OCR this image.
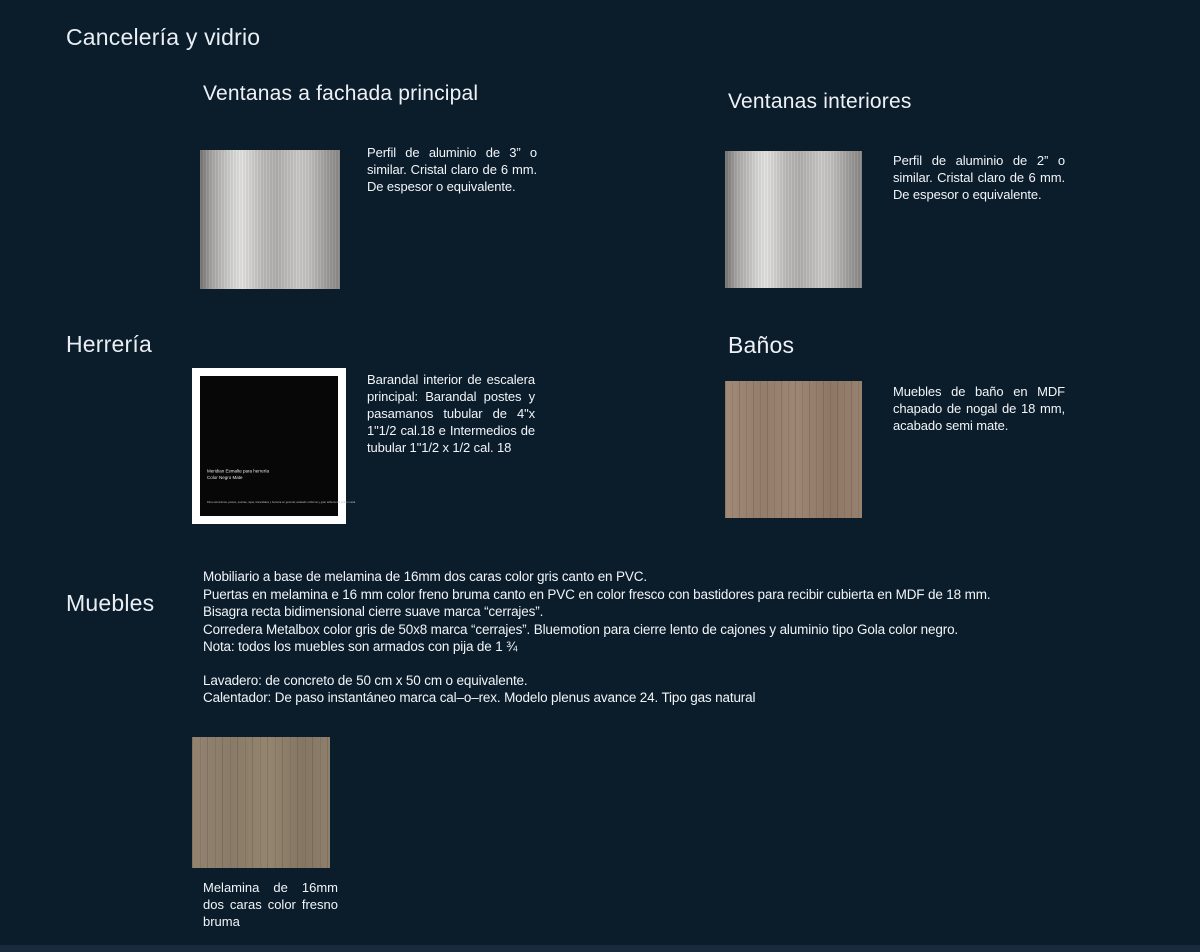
Cancelería y vidrio
Ventanas a fachada principal
Perfil de aluminio de 3” o similar. Cristal claro de 6 mm. De espesor o equivalente.
Ventanas interiores
Perfil de aluminio de 2” o similar. Cristal claro de 6 mm. De espesor o equivalente.
Herrería
Meridian Esmalte para herrería
Color Negro Mate
Para estructuras, postes, puertas, rejas, barandales y herrería en general; acabado uniforme y gran adherencia sobre metal.
Barandal interior de escalera principal: Barandal postes y pasamanos tubular de 4"x 1"1/2 cal.18 e Intermedios de tubular 1"1/2 x 1/2 cal. 18
Baños
Muebles de baño en MDF chapado de nogal de 18 mm, acabado semi mate.
Muebles
Mobiliario a base de melamina de 16mm dos caras color gris canto en PVC.
Puertas en melamina e 16 mm color freno bruma canto en PVC en color fresco con bastidores para recibir cubierta en MDF de 18 mm.
Bisagra recta bidimensional cierre suave marca “cerrajes”.
Corredera Metalbox color gris de 50x8 marca “cerrajes”. Bluemotion para cierre lento de cajones y aluminio tipo Gola color negro.
Nota: todos los muebles son armados con pija de 1 ¾
Lavadero: de concreto de 50 cm x 50 cm o equivalente.
Calentador: De paso instantáneo marca cal–o–rex. Modelo plenus avance 24. Tipo gas natural
Melamina de 16mm dos caras color fresno bruma
